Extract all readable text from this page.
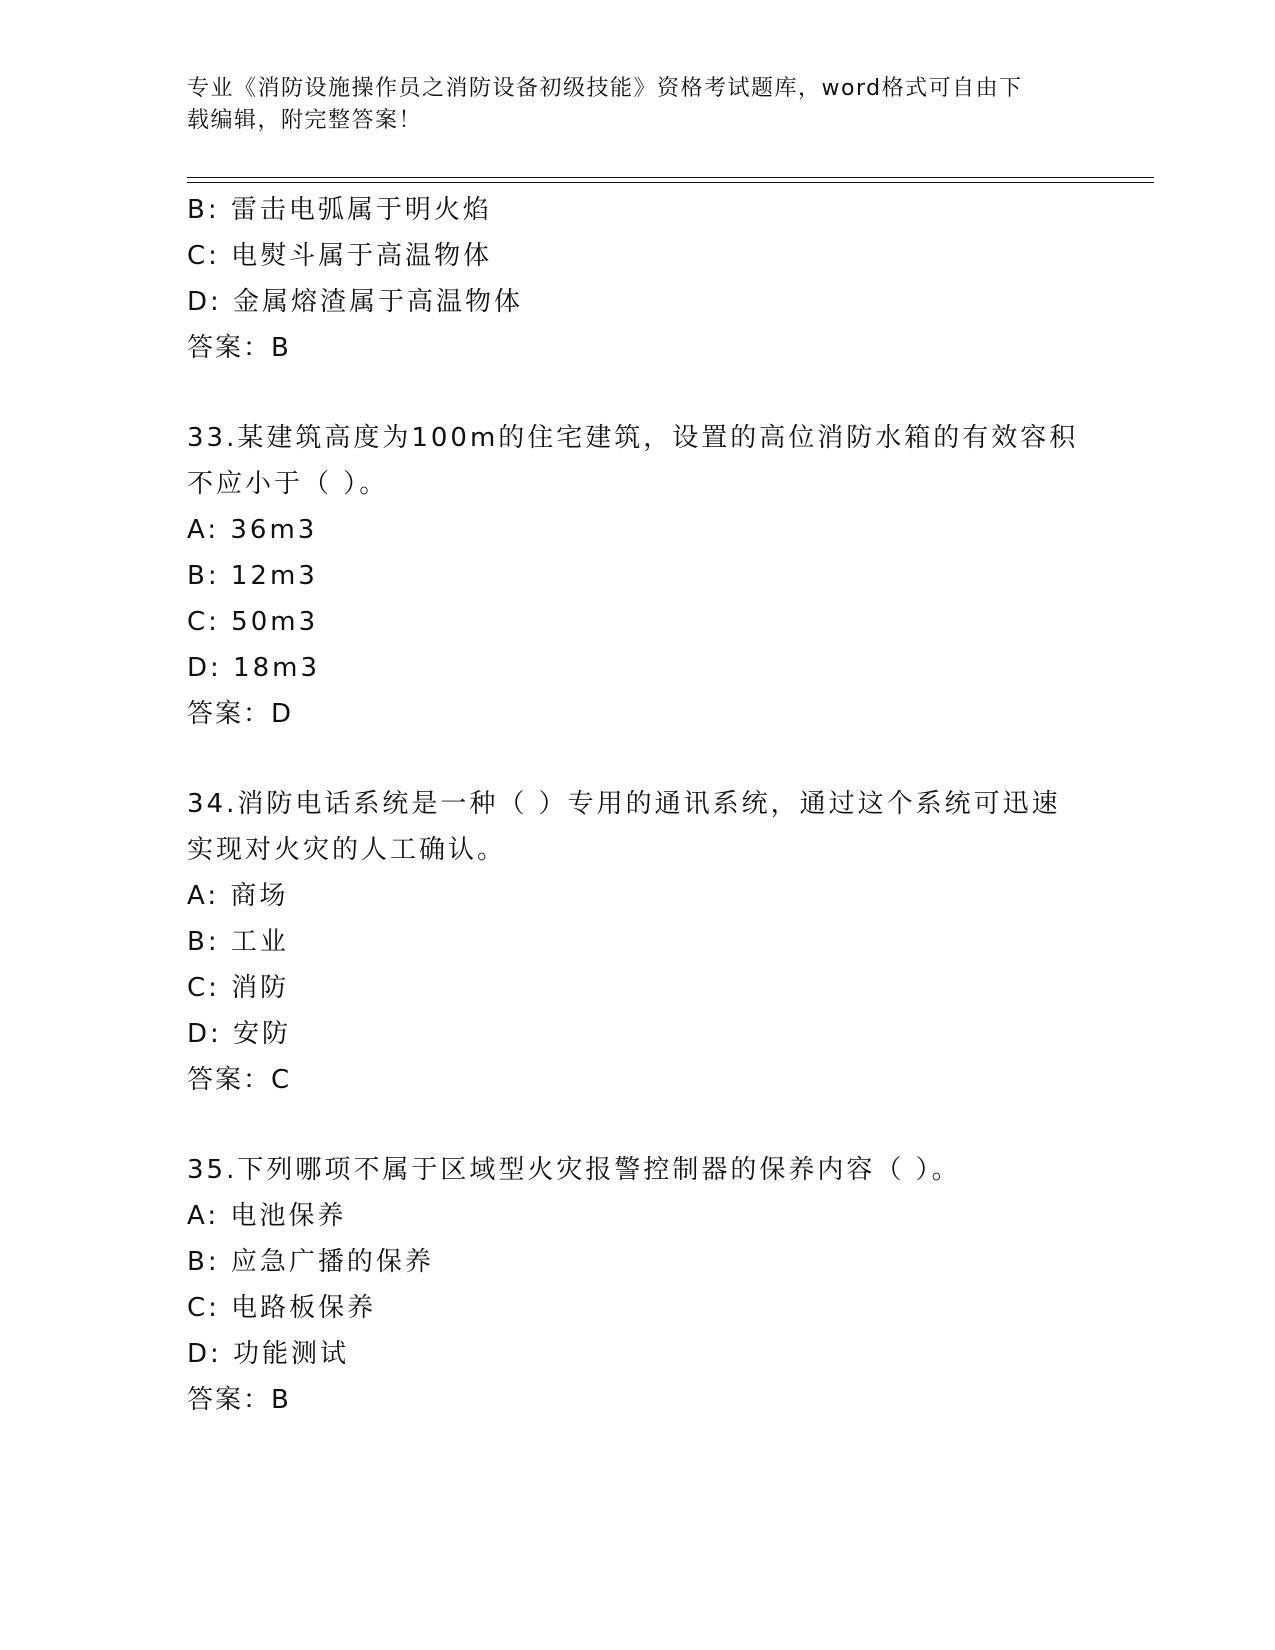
专业《消防设施操作员之消防设备初级技能》资格考试题库，word格式可自由下
载编辑，附完整答案！
B: 雷击电弧属于明火焰
C: 电熨斗属于高温物体
D: 金属熔渣属于高温物体
答案：B
33.某建筑高度为100m的住宅建筑，设置的高位消防水箱的有效容积
不应小于（ ）。
A: 36m3
B: 12m3
C: 50m3
D: 18m3
答案：D
34.消防电话系统是一种（ ）专用的通讯系统，通过这个系统可迅速
实现对火灾的人工确认。
A: 商场
B: 工业
C: 消防
D: 安防
答案：C
35.下列哪项不属于区域型火灾报警控制器的保养内容（ ）。
A: 电池保养
B: 应急广播的保养
C: 电路板保养
D: 功能测试
答案：B
